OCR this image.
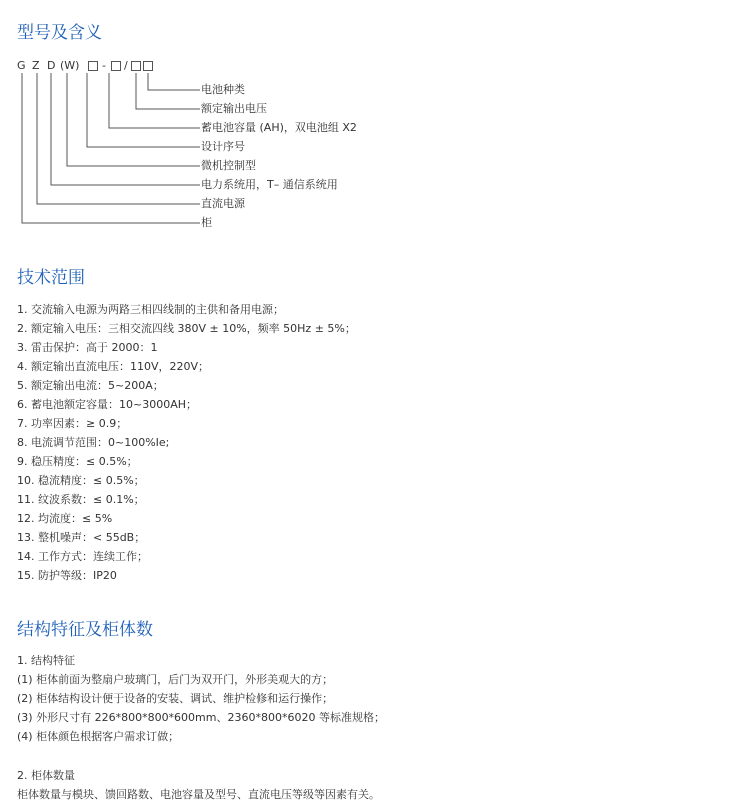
型号及含义
G Z D (W) - /
电池种类
额定输出电压
蓄电池容量 (AH)，双电池组 X2
设计序号
微机控制型
电力系统用，T– 通信系统用
直流电源
柜
技术范围
1. 交流输入电源为两路三相四线制的主供和备用电源；
2. 额定输入电压：三相交流四线 380V ± 10%，频率 50Hz ± 5%；
3. 雷击保护：高于 2000：1
4. 额定输出直流电压：110V，220V；
5. 额定输出电流：5~200A；
6. 蓄电池额定容量：10~3000AH；
7. 功率因素：≥ 0.9；
8. 电流调节范围：0~100%Ie;
9. 稳压精度：≤ 0.5%；
10. 稳流精度：≤ 0.5%；
11. 纹波系数：≤ 0.1%；
12. 均流度：≤ 5%
13. 整机噪声：< 55dB；
14. 工作方式：连续工作；
15. 防护等级：IP20
结构特征及柜体数
1. 结构特征
(1) 柜体前面为整扇户玻璃门，后门为双开门，外形美观大的方；
(2) 柜体结构设计便于设备的安装、调试、维护检修和运行操作；
(3) 外形尺寸有 226*800*800*600mm、2360*800*6020 等标准规格；
(4) 柜体颜色根据客户需求订做；
2. 柜体数量
柜体数量与模块、馈回路数、电池容量及型号、直流电压等级等因素有关。
